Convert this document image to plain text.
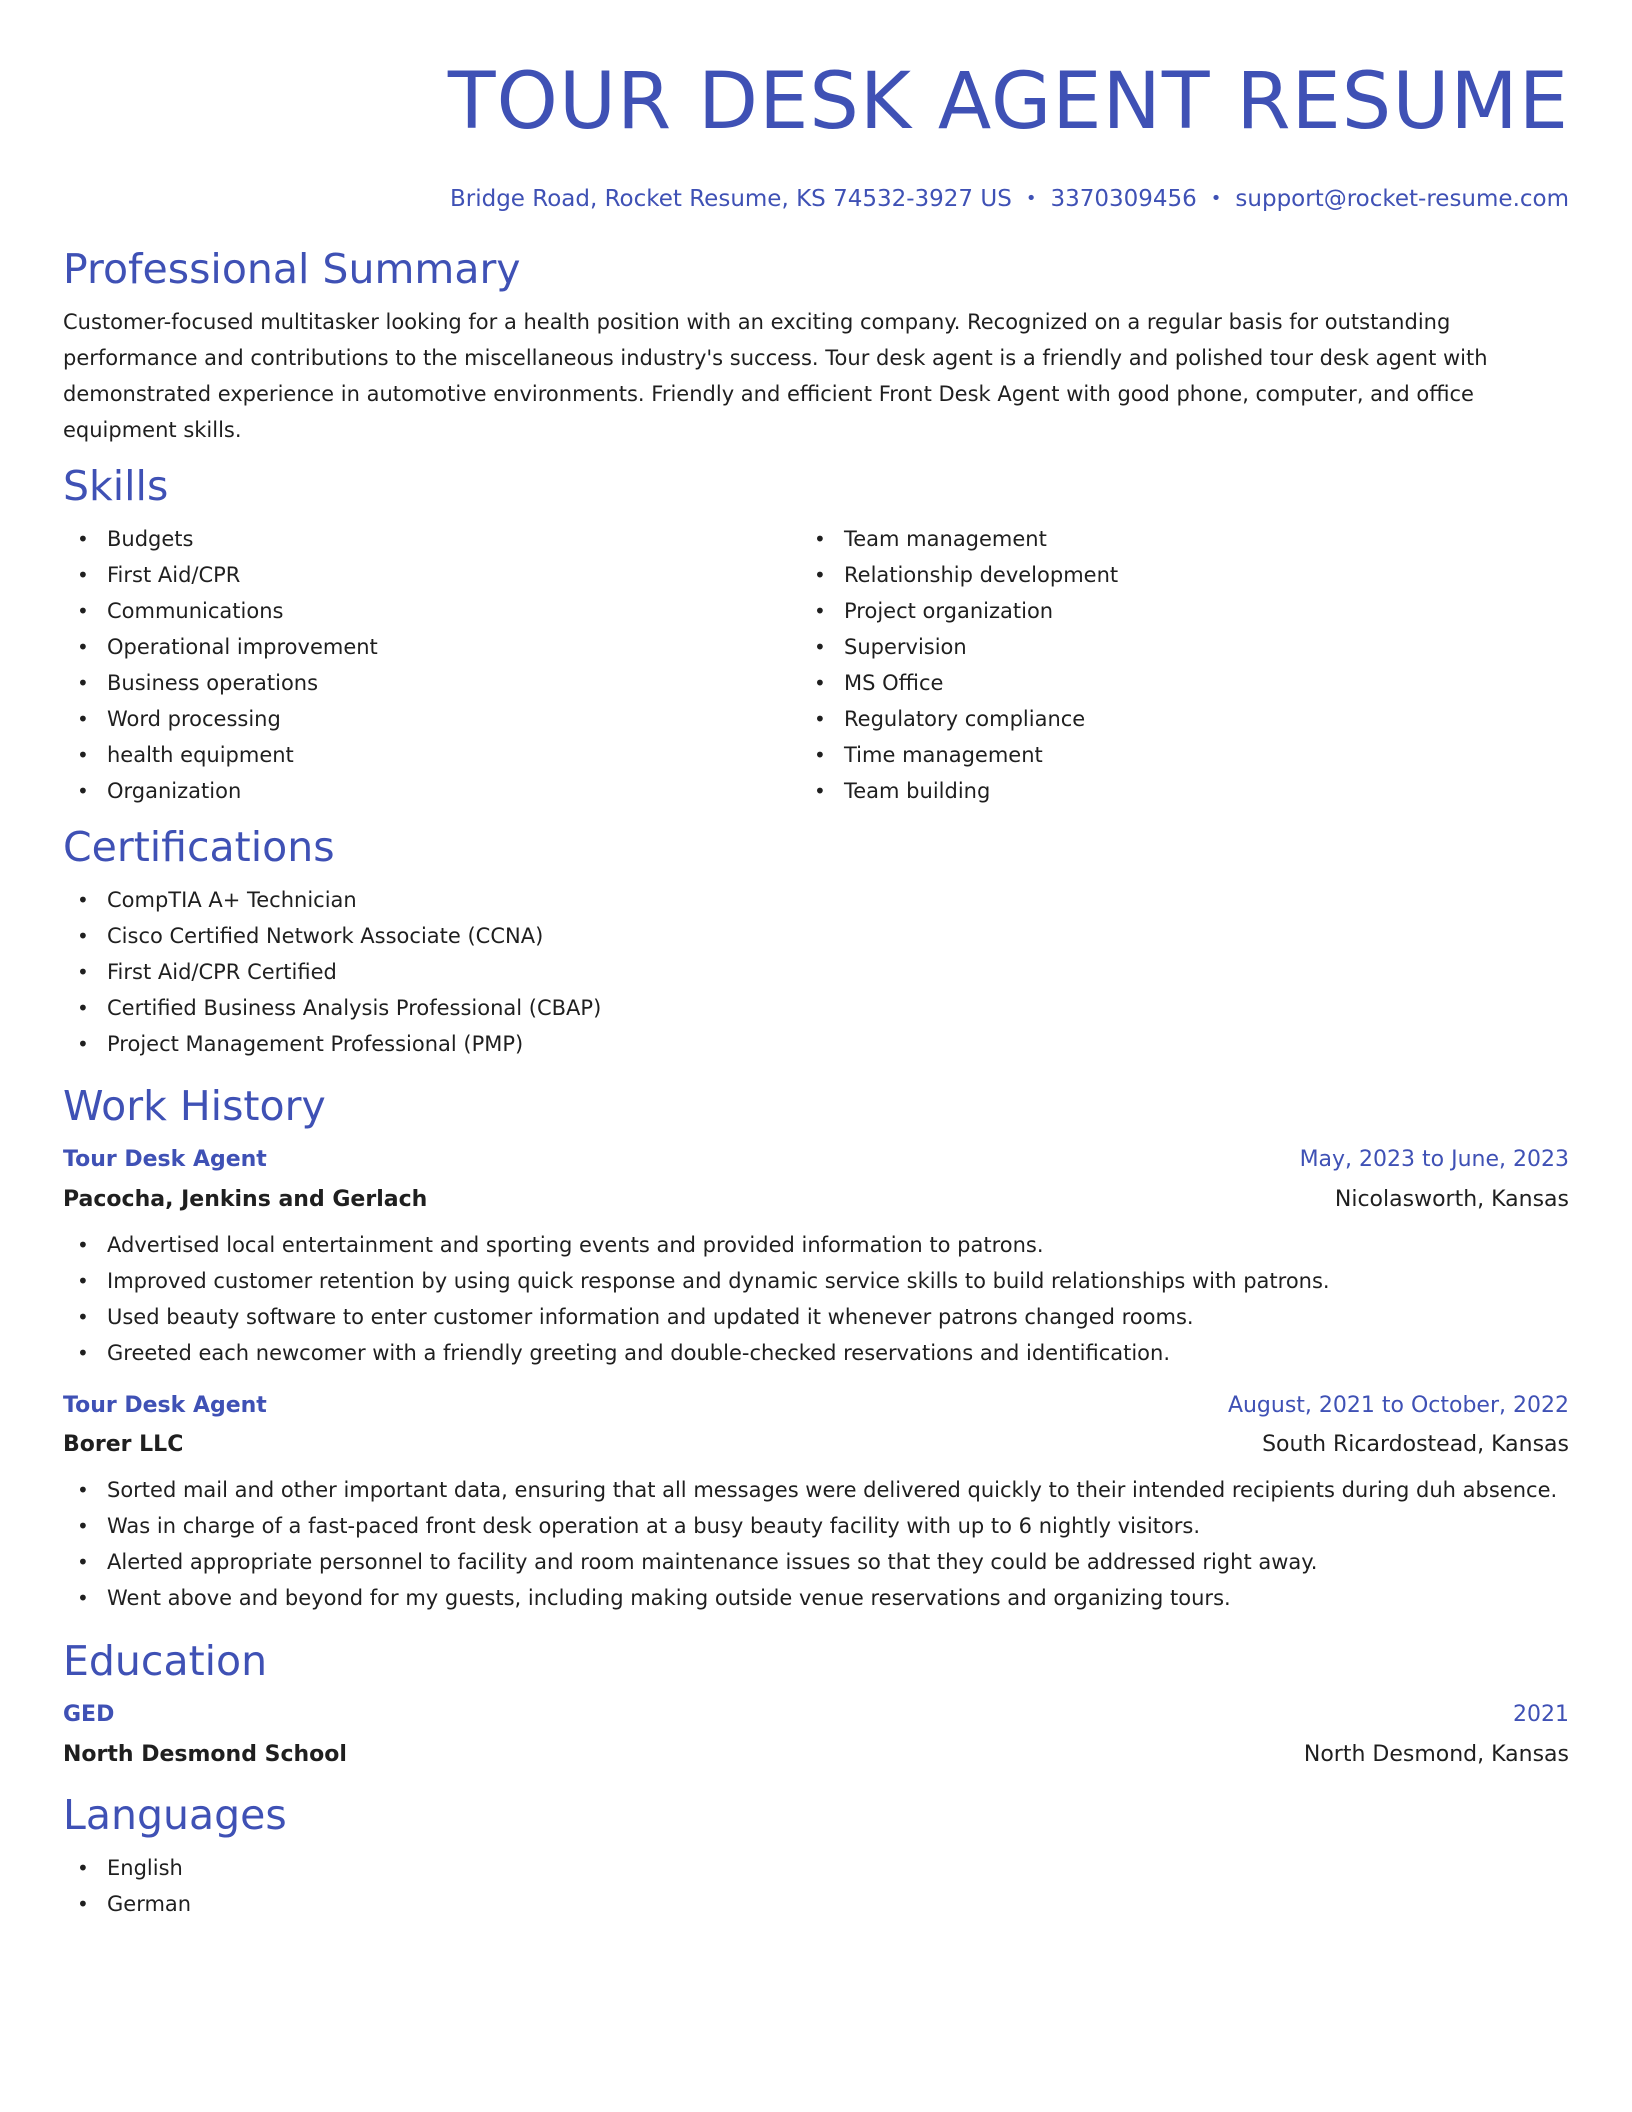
TOUR DESK AGENT RESUME
Bridge Road, Rocket Resume, KS 74532-3927 US • 3370309456 • support@rocket-resume.com
Professional Summary

Customer-focused multitasker looking for a health position with an exciting company. Recognized on a regular basis for outstanding performance and contributions to the miscellaneous industry's success. Tour desk agent is a friendly and polished tour desk agent with demonstrated experience in automotive environments. Friendly and efficient Front Desk Agent with good phone, computer, and office equipment skills.

Skills
• Budgets
• First Aid/CPR
• Communications
• Operational improvement
• Business operations
• Word processing
• health equipment
• Organization
• Team management
• Relationship development
• Project organization
• Supervision
• MS Office
• Regulatory compliance
• Time management
• Team building
Certifications
• CompTIA A+ Technician
• Cisco Certified Network Associate (CCNA)
• First Aid/CPR Certified
• Certified Business Analysis Professional (CBAP)
• Project Management Professional (PMP)
Work History
Tour Desk Agent	May, 2023 to June, 2023
Pacocha, Jenkins and Gerlach	Nicolasworth, Kansas
• Advertised local entertainment and sporting events and provided information to patrons.
• Improved customer retention by using quick response and dynamic service skills to build relationships with patrons.
• Used beauty software to enter customer information and updated it whenever patrons changed rooms.
• Greeted each newcomer with a friendly greeting and double-checked reservations and identification.
Tour Desk Agent	August, 2021 to October, 2022
Borer LLC	South Ricardostead, Kansas
• Sorted mail and other important data, ensuring that all messages were delivered quickly to their intended recipients during duh absence.
• Was in charge of a fast-paced front desk operation at a busy beauty facility with up to 6 nightly visitors.
• Alerted appropriate personnel to facility and room maintenance issues so that they could be addressed right away.
• Went above and beyond for my guests, including making outside venue reservations and organizing tours.
Education
GED	2021
North Desmond School	North Desmond, Kansas
Languages
• English
• German
